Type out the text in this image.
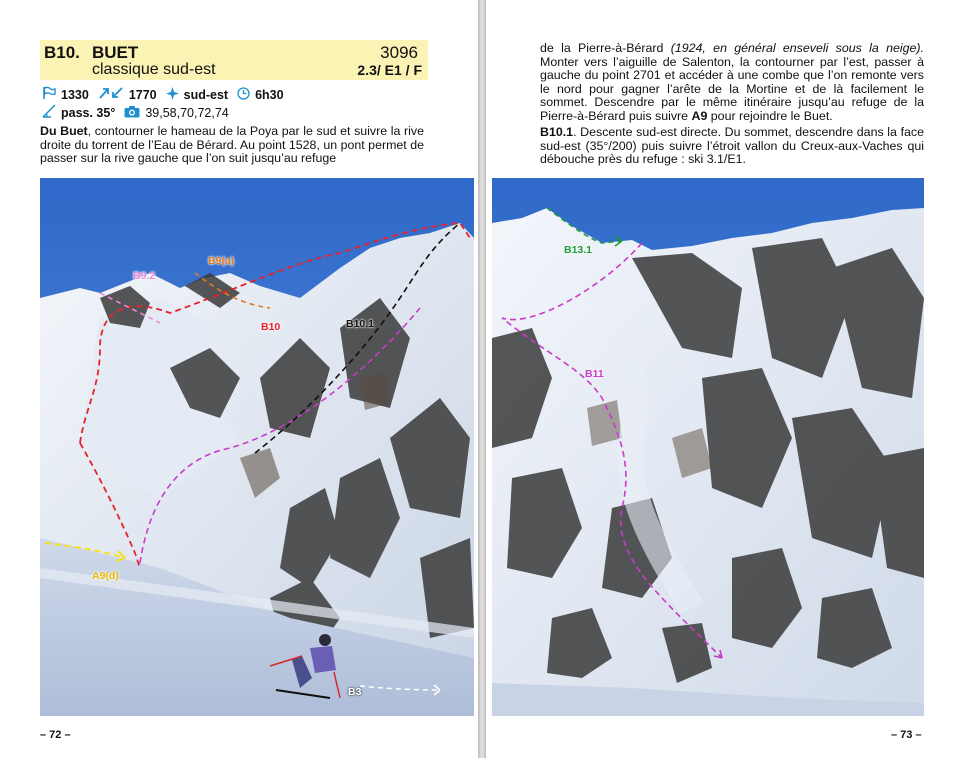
B10. BUET
classique sud-est
3096
2.3/ E1 / F
1330	1770 sud-est 6h30
pass. 35° 39,58,70,72,74

Du Buet, contourner le hameau de la Poya par le sud et suivre la rive droite du torrent de l’Eau de Bérard. Au point 1528, un pont permet de passer sur la rive gauche que l’on suit jusqu’au refuge

B9(a)
B9.2
B10	B10.1
A9(d)
B3
– 72 –

de la Pierre-à-Bérard (1924, en général enseveli sous la neige). Monter vers l’aiguille de Salenton, la contourner par l’est, passer à gauche du point 2701 et accéder à une combe que l’on remonte vers le nord pour gagner l’arête de la Mortine et de là facilement le sommet. Descendre par le même itinéraire jusqu’au refuge de la Pierre-à-Bérard puis suivre A9 pour rejoindre le Buet.

B10.1. Descente sud-est directe. Du sommet, descendre dans la face sud-est (35°/200) puis suivre l’étroit vallon du Creux-aux-Vaches qui débouche près du refuge : ski 3.1/E1.

B13.1
B11
– 73 –
